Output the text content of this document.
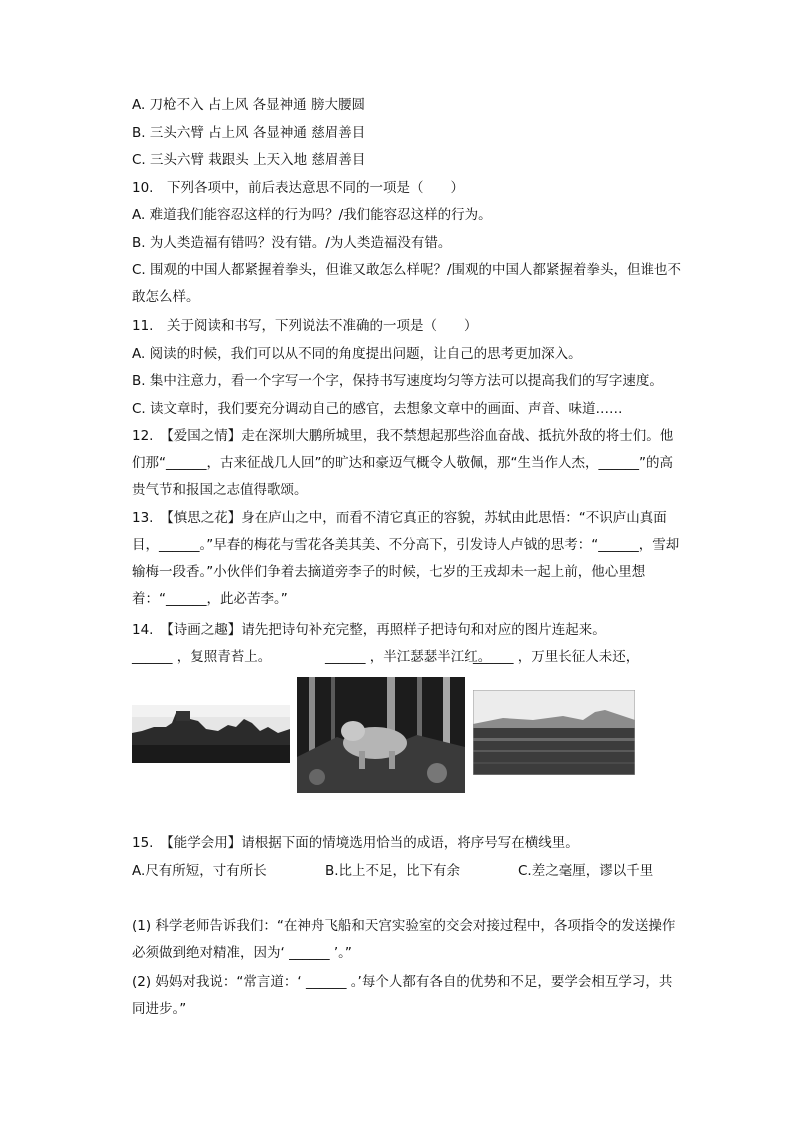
A. 刀枪不入 占上风 各显神通 膀大腰圆
B. 三头六臂 占上风 各显神通 慈眉善目
C. 三头六臂 栽跟头 上天入地 慈眉善目
10.　下列各项中，前后表达意思不同的一项是（　　）
A. 难道我们能容忍这样的行为吗？/我们能容忍这样的行为。
B. 为人类造福有错吗？没有错。/为人类造福没有错。
C. 围观的中国人都紧握着拳头，但谁又敢怎么样呢？/围观的中国人都紧握着拳头，但谁也不敢怎么样。
11.　关于阅读和书写，下列说法不准确的一项是（　　）
A. 阅读的时候，我们可以从不同的角度提出问题，让自己的思考更加深入。
B. 集中注意力，看一个字写一个字，保持书写速度均匀等方法可以提高我们的写字速度。
C. 读文章时，我们要充分调动自己的感官，去想象文章中的画面、声音、味道……
12.　【爱国之情】走在深圳大鹏所城里，我不禁想起那些浴血奋战、抵抗外敌的将士们。他们那“______，古来征战几人回”的旷达和豪迈气概令人敬佩，那“生当作人杰，______”的高贵气节和报国之志值得歌颂。
13.　【慎思之花】身在庐山之中，而看不清它真正的容貌，苏轼由此思悟：“不识庐山真面目，______。”早春的梅花与雪花各美其美、不分高下，引发诗人卢钺的思考：“______，雪却输梅一段香。”小伙伴们争着去摘道旁李子的时候，七岁的王戎却未一起上前，他心里想着：“______，此必苦李。”
14.　【诗画之趣】请先把诗句补充完整，再照样子把诗句和对应的图片连起来。
______ ，复照青苔上。	______ ，半江瑟瑟半江红。
______ ，万里长征人未还，
15.　【能学会用】请根据下面的情境选用恰当的成语，将序号写在横线里。
A.尺有所短，寸有所长	B.比上不足，比下有余	C.差之毫厘，谬以千里
(1) 科学老师告诉我们：“在神舟飞船和天宫实验室的交会对接过程中，各项指令的发送操作必须做到绝对精准，因为‘ ______ ’。”
(2) 妈妈对我说：“常言道：‘ ______ 。’每个人都有各自的优势和不足，要学会相互学习，共同进步。”
